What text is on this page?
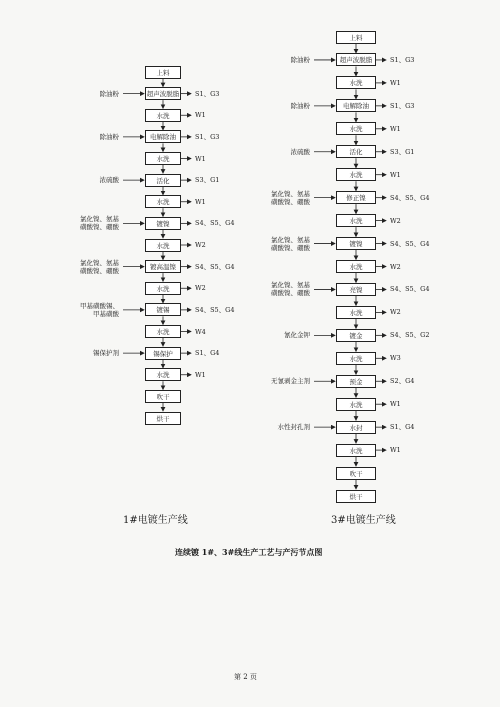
上料
超声波脱脂
水洗
电解除油
水洗
活化
水洗
镀镍
水洗
镀高温镍
水洗
镀锡
水洗
锡保护
水洗
吹干
烘干
S1、G3
W1
S1、G3
W1
S3、G1
W1
S4、S5、G4
W2
S4、S5、G4
W2
S4、S5、G4
W4
S1、G4
W1
除油粉
除油粉
浓硫酸
氯化镍、氨基
磺酸镍、硼酸
氯化镍、氨基
磺酸镍、硼酸
甲基磺酸锡、
甲基磺酸
锡保护剂
上料
超声波脱脂
水洗
电解除油
水洗
活化
水洗
修正镍
水洗
镀镍
水洗
亮镍
水洗
镀金
水洗
预金
水洗
水封
水洗
吹干
烘干
S1、G3
W1
S1、G3
W1
S3、G1
W1
S4、S5、G4
W2
S4、S5、G4
W2
S4、S5、G4
W2
S4、S5、G2
W3
S2、G4
W1
S1、G4
W1
除油粉
除油粉
浓硫酸
氯化镍、氨基
磺酸镍、硼酸
氯化镍、氨基
磺酸镍、硼酸
氯化镍、氨基
磺酸镍、硼酸
氰化金钾
无氰剥金主剂
水性封孔剂
1#电镀生产线	3#电镀生产线
连续镀 1#、3#线生产工艺与产污节点图
第 2 页
